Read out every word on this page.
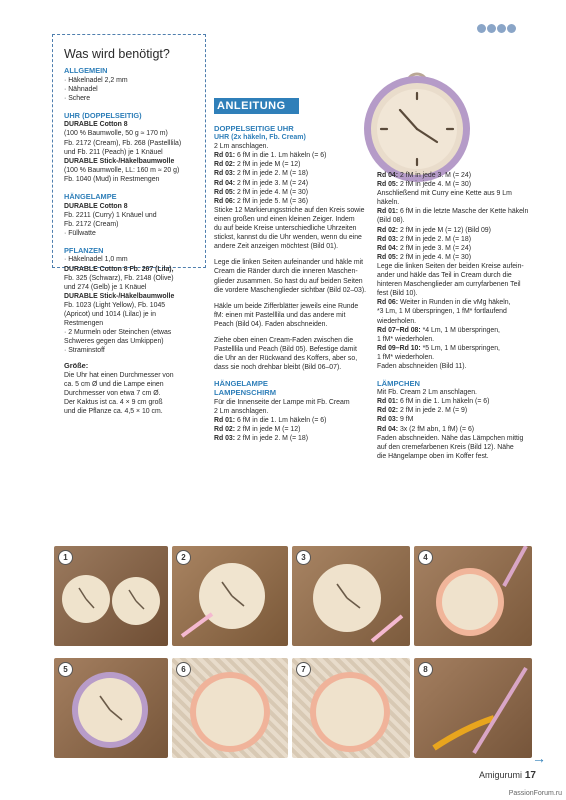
Was wird benötigt?
ALLGEMEIN
· Häkelnadel 2,2 mm
· Nähnadel
· Schere
UHR (DOPPELSEITIG)
DURABLE Cotton 8
(100 % Baumwolle, 50 g ≈ 170 m)
Fb. 2172 (Cream), Fb. 268 (Pastelllila)
und Fb. 211 (Peach) je 1 Knäuel
DURABLE Stick-/Häkelbaumwolle
(100 % Baumwolle, LL: 160 m ≈ 20 g)
Fb. 1040 (Mud) in Restmengen
HÄNGELAMPE
DURABLE Cotton 8
Fb. 2211 (Curry) 1 Knäuel und
Fb. 2172 (Cream)
· Füllwatte
PFLANZEN
· Häkelnadel 1,0 mm
DURABLE Cotton 8 Fb. 267 (Lila),
Fb. 325 (Schwarz), Fb. 2148 (Olive)
und 274 (Gelb) je 1 Knäuel
DURABLE Stick-/Häkelbaumwolle
Fb. 1023 (Light Yellow), Fb. 1045
(Apricot) und 1014 (Lilac) je in
Restmengen
· 2 Murmeln oder Steinchen (etwas
Schweres gegen das Umkippen)
· Straminstoff
Größe:
Die Uhr hat einen Durchmesser von
ca. 5 cm Ø und die Lampe einen
Durchmesser von etwa 7 cm Ø.
Der Kaktus ist ca. 4 × 9 cm groß
und die Pflanze ca. 4,5 × 10 cm.
ANLEITUNG
DOPPELSEITIGE UHR
UHR (2x häkeln, Fb. Cream)
2 Lm anschlagen.
Rd 01: 6 fM in die 1. Lm häkeln (= 6)
Rd 02: 2 fM in jede M (= 12)
Rd 03: 2 fM in jede 2. M (= 18)
Rd 04: 2 fM in jede 3. M (= 24)
Rd 05: 2 fM in jede 4. M (= 30)
Rd 06: 2 fM in jede 5. M (= 36)
Sticke 12 Markierungsstriche auf den Kreis sowie
einen großen und einen kleinen Zeiger. Indem
du auf beide Kreise unterschiedliche Uhrzeiten
stickst, kannst du die Uhr wenden, wenn du eine
andere Zeit anzeigen möchtest (Bild 01).
Lege die linken Seiten aufeinander und häkle mit
Cream die Ränder durch die inneren Maschen-
glieder zusammen. So hast du auf beiden Seiten
die vordere Maschenglieder sichtbar (Bild 02–03).
Häkle um beide Zifferblätter jeweils eine Runde
fM: einen mit Pastelllila und das andere mit
Peach (Bild 04). Faden abschneiden.
Ziehe oben einen Cream-Faden zwischen die
Pastelllila und Peach (Bild 05). Befestige damit
die Uhr an der Rückwand des Koffers, aber so,
dass sie noch drehbar bleibt (Bild 06–07).
HÄNGELAMPE
LAMPENSCHIRM
Für die Innenseite der Lampe mit Fb. Cream
2 Lm anschlagen.
Rd 01: 6 fM in die 1. Lm häkeln (= 6)
Rd 02: 2 fM in jede M (= 12)
Rd 03: 2 fM in jede 2. M (= 18)
Rd 04: 2 fM in jede 3. M (= 24)
Rd 05: 2 fM in jede 4. M (= 30)
Anschließend mit Curry eine Kette aus 9 Lm
häkeln.
Rd 01: 6 fM in die letzte Masche der Kette häkeln
(Bild 08).
Rd 02: 2 fM in jede M (= 12) (Bild 09)
Rd 03: 2 fM in jede 2. M (= 18)
Rd 04: 2 fM in jede 3. M (= 24)
Rd 05: 2 fM in jede 4. M (= 30)
Lege die linken Seiten der beiden Kreise aufein-
ander und häkle das Teil in Cream durch die
hinteren Maschenglieder am curryfarbenen Teil
fest (Bild 10).
Rd 06: Weiter in Runden in die vMg häkeln,
*3 Lm, 1 M überspringen, 1 fM* fortlaufend
wiederholen.
Rd 07–Rd 08: *4 Lm, 1 M überspringen,
1 fM* wiederholen.
Rd 09–Rd 10: *5 Lm, 1 M überspringen,
1 fM* wiederholen.
Faden abschneiden (Bild 11).
LÄMPCHEN
Mit Fb. Cream 2 Lm anschlagen.
Rd 01: 6 fM in die 1. Lm häkeln (= 6)
Rd 02: 2 fM in jede 2. M (= 9)
Rd 03: 9 fM
Rd 04: 3x (2 fM abn, 1 fM) (= 6)
Faden abschneiden. Nähe das Lämpchen mittig
auf den cremefarbenen Kreis (Bild 12). Nähe
die Hängelampe oben im Koffer fest.
1	2	3	4
5	6	7	8
→
Amigurumi 17
PassionForum.ru
